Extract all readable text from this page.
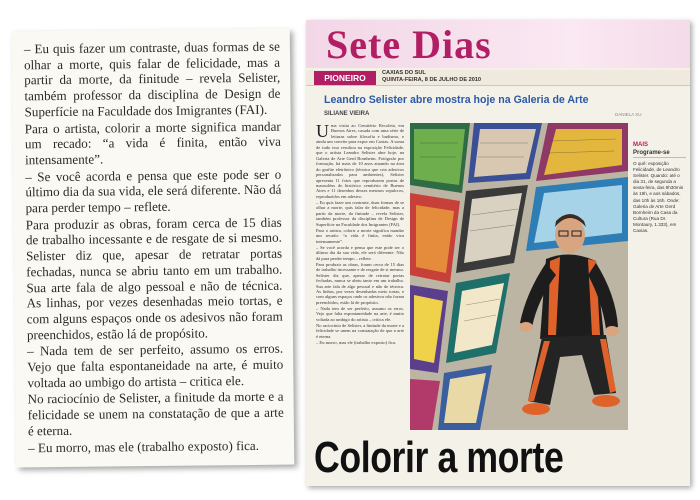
– Eu quis fazer um contraste, duas formas de se olhar a morte, quis falar de felicidade, mas a partir da morte, da finitude – revela Selister, também professor da disciplina de Design de Superfície na Faculdade dos Imigrantes (FAI).

Para o artista, colorir a morte significa mandar um recado: “a vida é finita, então viva intensamente”.

– Se você acorda e pensa que este pode ser o último dia da sua vida, ele será diferente. Não dá para perder tempo – reflete.

Para produzir as obras, foram cerca de 15 dias de trabalho incessante e de resgate de si mesmo. Selister diz que, apesar de retratar portas fechadas, nunca se abriu tanto em um trabalho. Sua arte fala de algo pessoal e não de técnica. As linhas, por vezes desenhadas meio tortas, e com alguns espaços onde os adesivos não foram preenchidos, estão lá de propósito.

– Nada tem de ser perfeito, assumo os erros. Vejo que falta espontaneidade na arte, é muito voltada ao umbigo do artista – critica ele.

No raciocínio de Selister, a finitude da morte e a felicidade se unem na constatação de que a arte é eterna.

– Eu morro, mas ele (trabalho exposto) fica.

Sete Dias
PIONEIRO	CAXIAS DO SUL
QUINTA-FEIRA, 8 DE JULHO DE 2010
Leandro Selister abre mostra hoje na Galeria de Arte
SILIANE VIEIRA	DANIELA XU
U ma visita ao Cemitério Recoleta, em Buenos Aires, casada com uma série de leituras sobre filosofia e budismo, e ainda um convite para expor em Caxias. A soma de tudo isso resultou na exposição Felicidade, que o artista Leandro Selister abre hoje, na Galeria de Arte Gerd Bornheim. Fotógrafo por formação, há mais de 10 anos atuando na área do grafite eletrônico (técnica que cria adesivos personalizados para ambientes), Selister apresenta 11 fotos que reproduzem portas de mausoléus do histórico cemitério de Buenos Aires e 11 desenhos desses mesmos sepulcros, reproduzidos em adesivo.

– Eu quis fazer um contraste, duas formas de se olhar a morte, quis falar de felicidade, mas a partir da morte, da finitude – revela Selister, também professor da disciplina de Design de Superfície na Faculdade dos Imigrantes (FAI).

Para o artista, colorir a morte significa mandar um recado: “a vida é finita, então viva intensamente”.

– Se você acorda e pensa que este pode ser o último dia da sua vida, ele será diferente. Não dá para perder tempo – reflete.

Para produzir as obras, foram cerca de 15 dias de trabalho incessante e de resgate de si mesmo. Selister diz que, apesar de retratar portas fechadas, nunca se abriu tanto em um trabalho. Sua arte fala de algo pessoal e não de técnica. As linhas, por vezes desenhadas meio tortas, e com alguns espaços onde os adesivos não foram preenchidos, estão lá de propósito.

– Nada tem de ser perfeito, assumo os erros. Vejo que falta espontaneidade na arte, é muito voltada ao umbigo do artista – critica ele.

No raciocínio de Selister, a finitude da morte e a felicidade se unem na constatação de que a arte é eterna.

– Eu morro, mas ele (trabalho exposto) fica.

MAIS
Programe-se
O quê: exposição Felicidade, de Leandro Selister. Quando: até o dia 31, de segunda a sexta-feira, das 8h30min às 19h, e aos sábados, das 10h às 16h. Onde: Galeria de Arte Gerd Bornheim da Casa da Cultura (Rua Dr. Montaury, 1.333), em Caxias.
Colorir a morte
